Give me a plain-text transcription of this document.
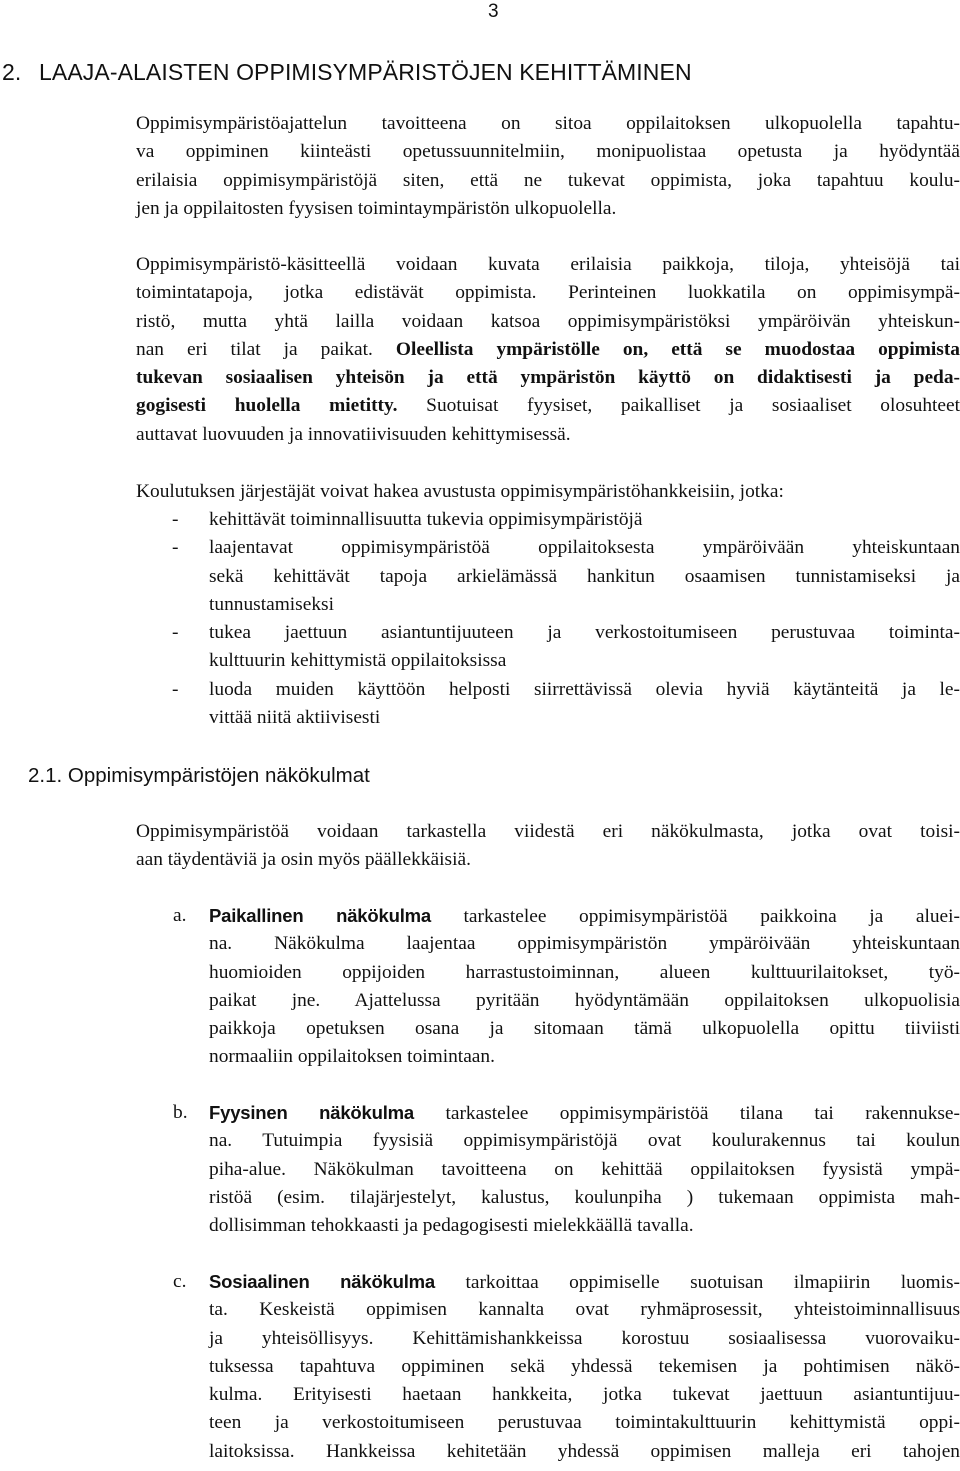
3
2. LAAJA-ALAISTEN OPPIMISYMPÄRISTÖJEN KEHITTÄMINEN
Oppimisympäristöajattelun tavoitteena on sitoa oppilaitoksen ulkopuolella tapahtu-
va oppiminen kiinteästi opetussuunnitelmiin, monipuolistaa opetusta ja hyödyntää
erilaisia oppimisympäristöjä siten, että ne tukevat oppimista, joka tapahtuu koulu-
jen ja oppilaitosten fyysisen toimintaympäristön ulkopuolella.
Oppimisympäristö-käsitteellä voidaan kuvata erilaisia paikkoja, tiloja, yhteisöjä tai
toimintatapoja, jotka edistävät oppimista. Perinteinen luokkatila on oppimisympä-
ristö, mutta yhtä lailla voidaan katsoa oppimisympäristöksi ympäröivän yhteiskun-
nan eri tilat ja paikat. Oleellista ympäristölle on, että se muodostaa oppimista
tukevan sosiaalisen yhteisön ja että ympäristön käyttö on didaktisesti ja peda-
gogisesti huolella mietitty. Suotuisat fyysiset, paikalliset ja sosiaaliset olosuhteet
auttavat luovuuden ja innovatiivisuuden kehittymisessä.
Koulutuksen järjestäjät voivat hakea avustusta oppimisympäristöhankkeisiin, jotka:
- kehittävät toiminnallisuutta tukevia oppimisympäristöjä
- laajentavat oppimisympäristöä oppilaitoksesta ympäröivään yhteiskuntaan
sekä kehittävät tapoja arkielämässä hankitun osaamisen tunnistamiseksi ja
tunnustamiseksi
- tukea jaettuun asiantuntijuuteen ja verkostoitumiseen perustuvaa toiminta-
kulttuurin kehittymistä oppilaitoksissa
- luoda muiden käyttöön helposti siirrettävissä olevia hyviä käytänteitä ja le-
vittää niitä aktiivisesti
2.1. Oppimisympäristöjen näkökulmat
Oppimisympäristöä voidaan tarkastella viidestä eri näkökulmasta, jotka ovat toisi-
aan täydentäviä ja osin myös päällekkäisiä.
a. Paikallinen näkökulma tarkastelee oppimisympäristöä paikkoina ja aluei-
na. Näkökulma laajentaa oppimisympäristön ympäröivään yhteiskuntaan
huomioiden oppijoiden harrastustoiminnan, alueen kulttuurilaitokset, työ-
paikat jne. Ajattelussa pyritään hyödyntämään oppilaitoksen ulkopuolisia
paikkoja opetuksen osana ja sitomaan tämä ulkopuolella opittu tiiviisti
normaaliin oppilaitoksen toimintaan.
b. Fyysinen näkökulma tarkastelee oppimisympäristöä tilana tai rakennukse-
na. Tutuimpia fyysisiä oppimisympäristöjä ovat koulurakennus tai koulun
piha-alue. Näkökulman tavoitteena on kehittää oppilaitoksen fyysistä ympä-
ristöä (esim. tilajärjestelyt, kalustus, koulunpiha ) tukemaan oppimista mah-
dollisimman tehokkaasti ja pedagogisesti mielekkäällä tavalla.
c. Sosiaalinen näkökulma tarkoittaa oppimiselle suotuisan ilmapiirin luomis-
ta. Keskeistä oppimisen kannalta ovat ryhmäprosessit, yhteistoiminnallisuus
ja yhteisöllisyys. Kehittämishankkeissa korostuu sosiaalisessa vuorovaiku-
tuksessa tapahtuva oppiminen sekä yhdessä tekemisen ja pohtimisen näkö-
kulma. Erityisesti haetaan hankkeita, jotka tukevat jaettuun asiantuntijuu-
teen ja verkostoitumiseen perustuvaa toimintakulttuurin kehittymistä oppi-
laitoksissa. Hankkeissa kehitetään yhdessä oppimisen malleja eri tahojen
